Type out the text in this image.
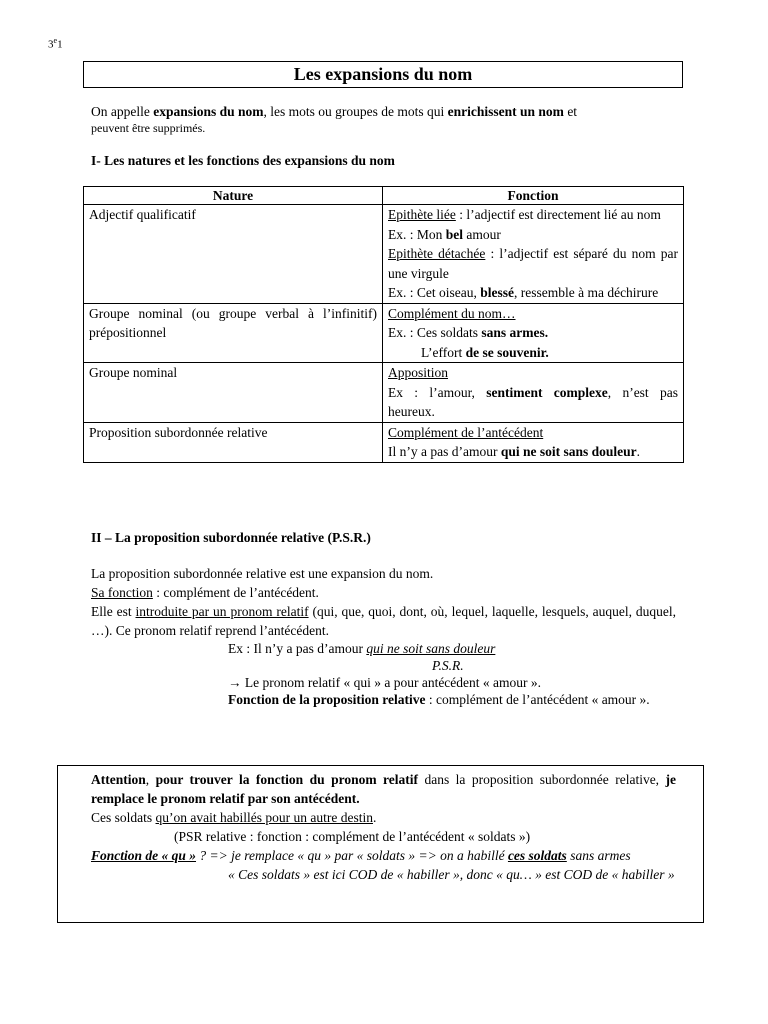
3e1
Les expansions du nom
On appelle expansions du nom, les mots ou groupes de mots qui enrichissent un nom et
peuvent être supprimés.
I- Les natures et les fonctions des expansions du nom
Nature	Fonction
Adjectif qualificatif	Epithète liée : l’adjectif est directement lié au nom
Ex. : Mon bel amour
Epithète détachée : l’adjectif est séparé du nom par une virgule
Ex. : Cet oiseau, blessé, ressemble à ma déchirure
Groupe nominal (ou groupe verbal à l’infinitif) prépositionnel	Complément du nom…
Ex. : Ces soldats sans armes.
L’effort de se souvenir.
Groupe nominal	Apposition
Ex : l’amour, sentiment complexe, n’est pas heureux.
Proposition subordonnée relative	Complément de l’antécédent
Il n’y a pas d’amour qui ne soit sans douleur.
II – La proposition subordonnée relative (P.S.R.)
La proposition subordonnée relative est une expansion du nom.
Sa fonction : complément de l’antécédent.
Elle est introduite par un pronom relatif (qui, que, quoi, dont, où, lequel, laquelle, lesquels, auquel, duquel, …). Ce pronom relatif reprend l’antécédent.
Ex : Il n’y a pas d’amour qui ne soit sans douleur
P.S.R.
→ Le pronom relatif « qui » a pour antécédent « amour ».
Fonction de la proposition relative : complément de l’antécédent « amour ».
Attention, pour trouver la fonction du pronom relatif dans la proposition subordonnée relative, je remplace le pronom relatif par son antécédent.
Ces soldats qu’on avait habillés pour un autre destin.
(PSR relative : fonction : complément de l’antécédent « soldats »)
Fonction de « qu » ? => je remplace « qu » par « soldats » => on a habillé ces soldats sans armes
« Ces soldats » est ici COD de « habiller », donc « qu… » est COD de « habiller »
